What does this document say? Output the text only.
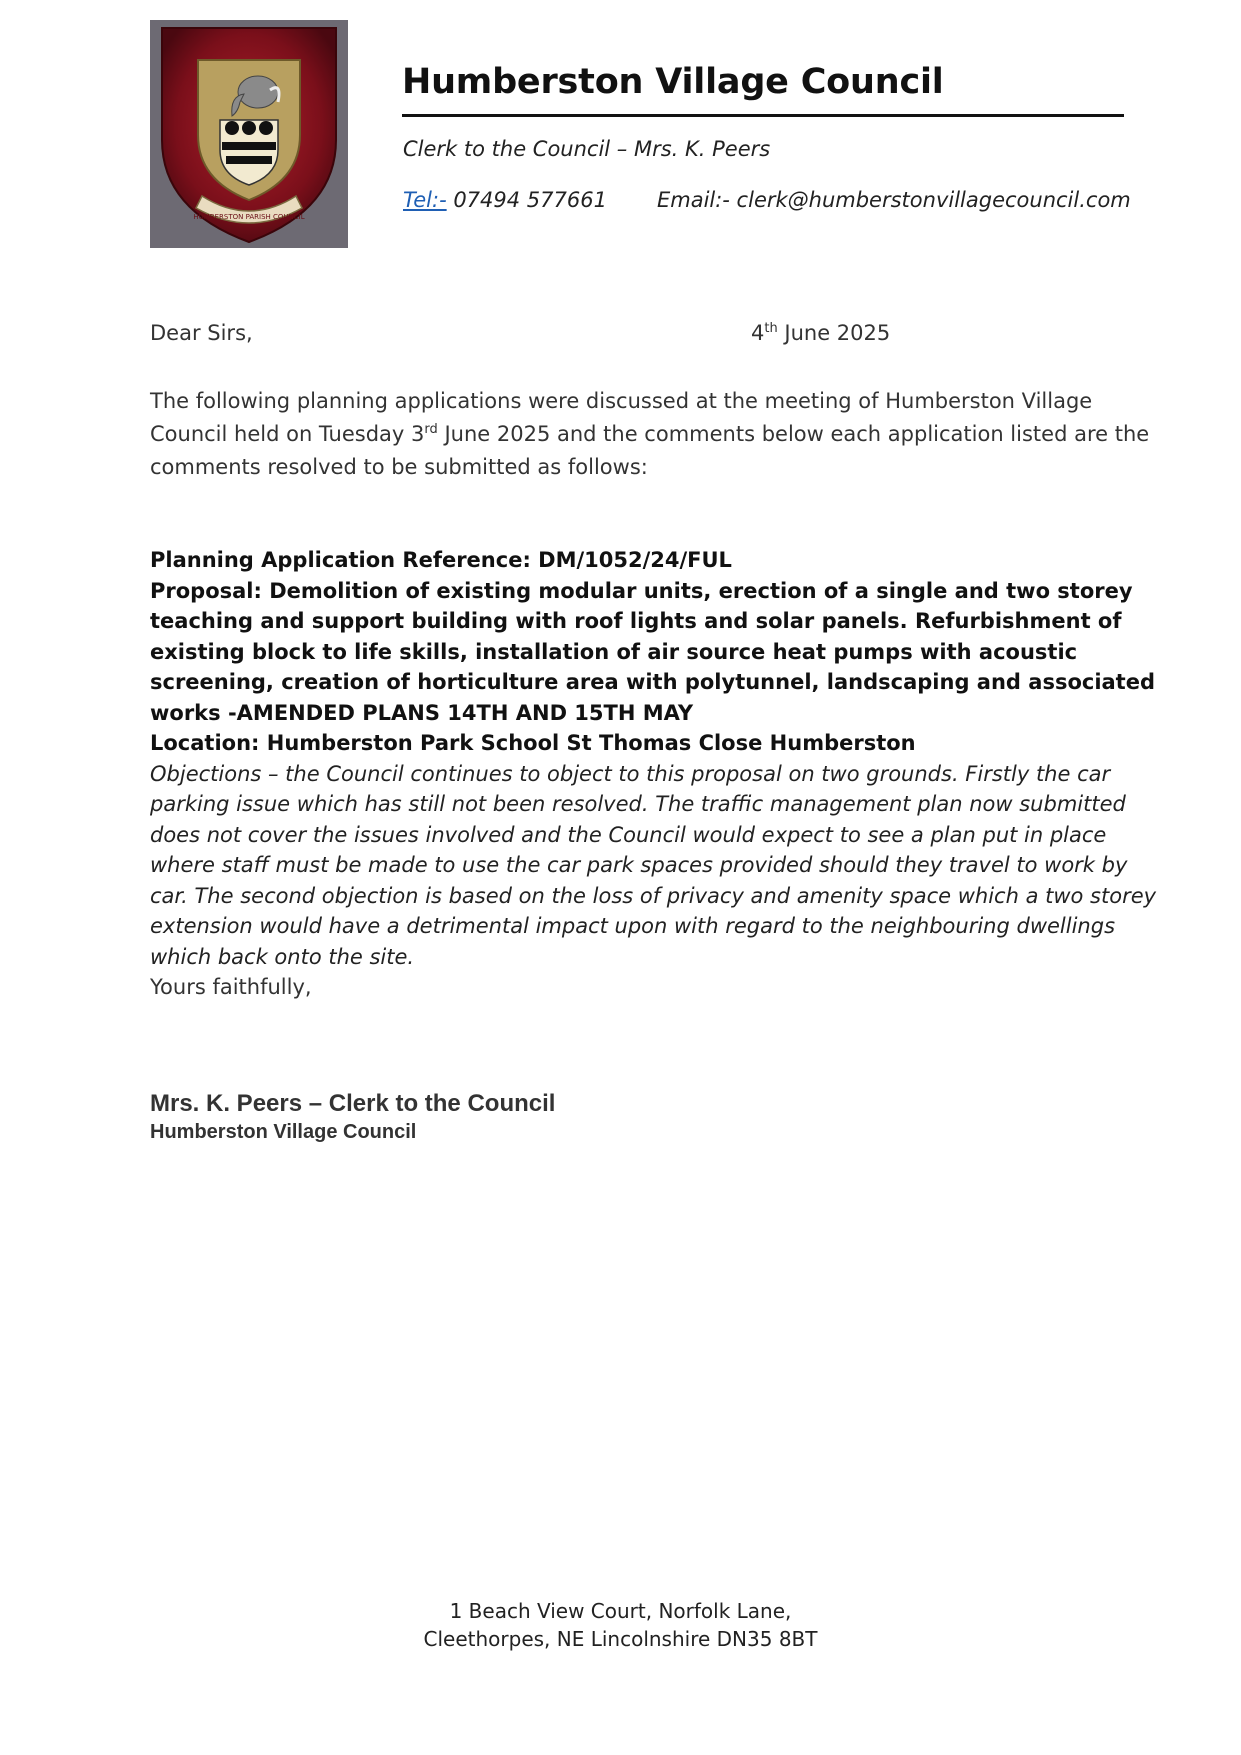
HUMBERSTON PARISH COUNCIL
Humberston Village Council
Clerk to the Council – Mrs. K. Peers
Tel:- 07494 577661 Email:- clerk@humberstonvillagecouncil.com
Dear Sirs,	4th June 2025
The following planning applications were discussed at the meeting of Humberston Village Council held on Tuesday 3rd June 2025 and the comments below each application listed are the comments resolved to be submitted as follows:
Planning Application Reference: DM/1052/24/FUL
Proposal: Demolition of existing modular units, erection of a single and two storey teaching and support building with roof lights and solar panels. Refurbishment of existing block to life skills, installation of air source heat pumps with acoustic screening, creation of horticulture area with polytunnel, landscaping and associated works -AMENDED PLANS 14TH AND 15TH MAY
Location: Humberston Park School St Thomas Close Humberston
Objections – the Council continues to object to this proposal on two grounds. Firstly the car parking issue which has still not been resolved. The traffic management plan now submitted does not cover the issues involved and the Council would expect to see a plan put in place where staff must be made to use the car park spaces provided should they travel to work by car. The second objection is based on the loss of privacy and amenity space which a two storey extension would have a detrimental impact upon with regard to the neighbouring dwellings which back onto the site.
Yours faithfully,
Mrs. K. Peers – Clerk to the Council
Humberston Village Council
1 Beach View Court, Norfolk Lane,
Cleethorpes, NE Lincolnshire DN35 8BT
